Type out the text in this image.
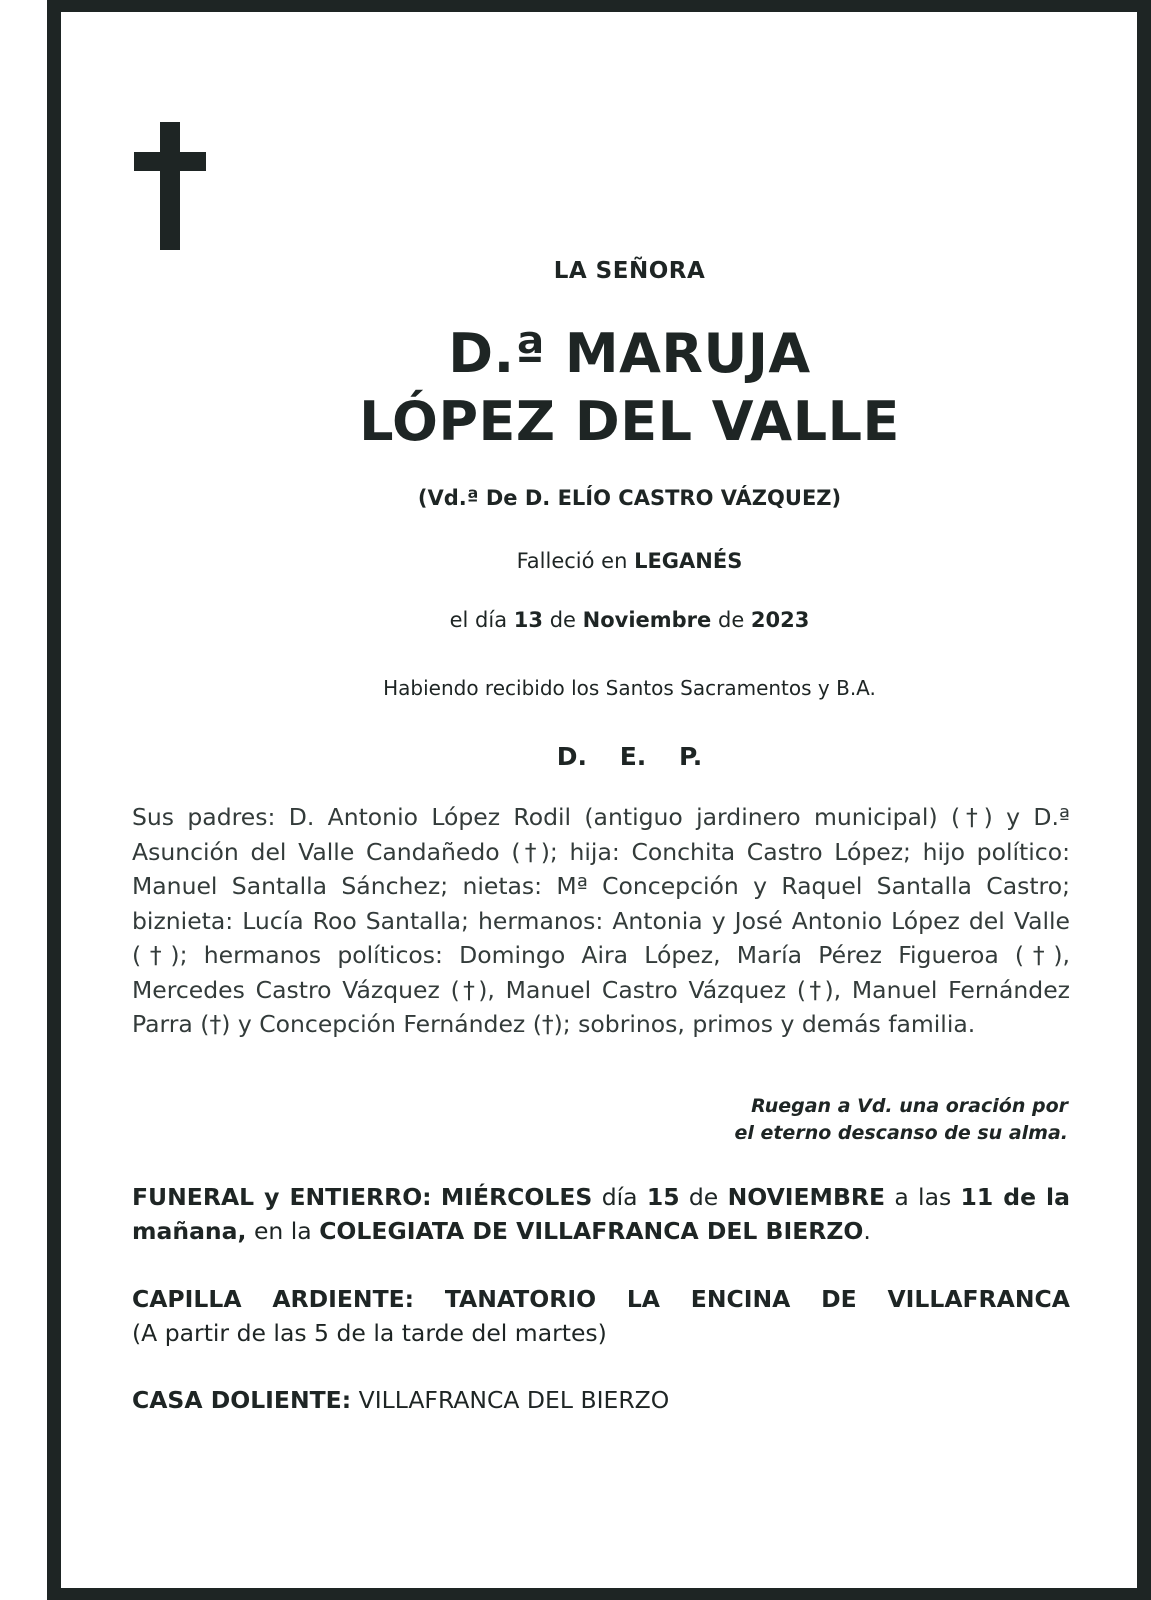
LA SEÑORA
D.ª MARUJA
LÓPEZ DEL VALLE
(Vd.ª De D. ELÍO CASTRO VÁZQUEZ)
Falleció en LEGANÉS
el día 13 de Noviembre de 2023
Habiendo recibido los Santos Sacramentos y B.A.
D. E. P.
Sus padres: D. Antonio López Rodil (antiguo jardinero municipal) (†) y D.ª Asunción del Valle Candañedo (†); hija: Conchita Castro López; hijo político: Manuel Santalla Sánchez; nietas: Mª Concepción y Raquel Santalla Castro; biznieta: Lucía Roo Santalla; hermanos: Antonia y José Antonio López del Valle (†); hermanos políticos: Domingo Aira López, María Pérez Figueroa (†), Mercedes Castro Vázquez (†), Manuel Castro Vázquez (†), Manuel Fernández Parra (†) y Concepción Fernández (†); sobrinos, primos y demás familia.
Ruegan a Vd. una oración por
el eterno descanso de su alma.
FUNERAL y ENTIERRO: MIÉRCOLES día 15 de NOVIEMBRE a las 11 de la mañana, en la COLEGIATA DE VILLAFRANCA DEL BIERZO.
CAPILLA ARDIENTE: TANATORIO LA ENCINA DE VILLAFRANCA
(A partir de las 5 de la tarde del martes)
CASA DOLIENTE: VILLAFRANCA DEL BIERZO
